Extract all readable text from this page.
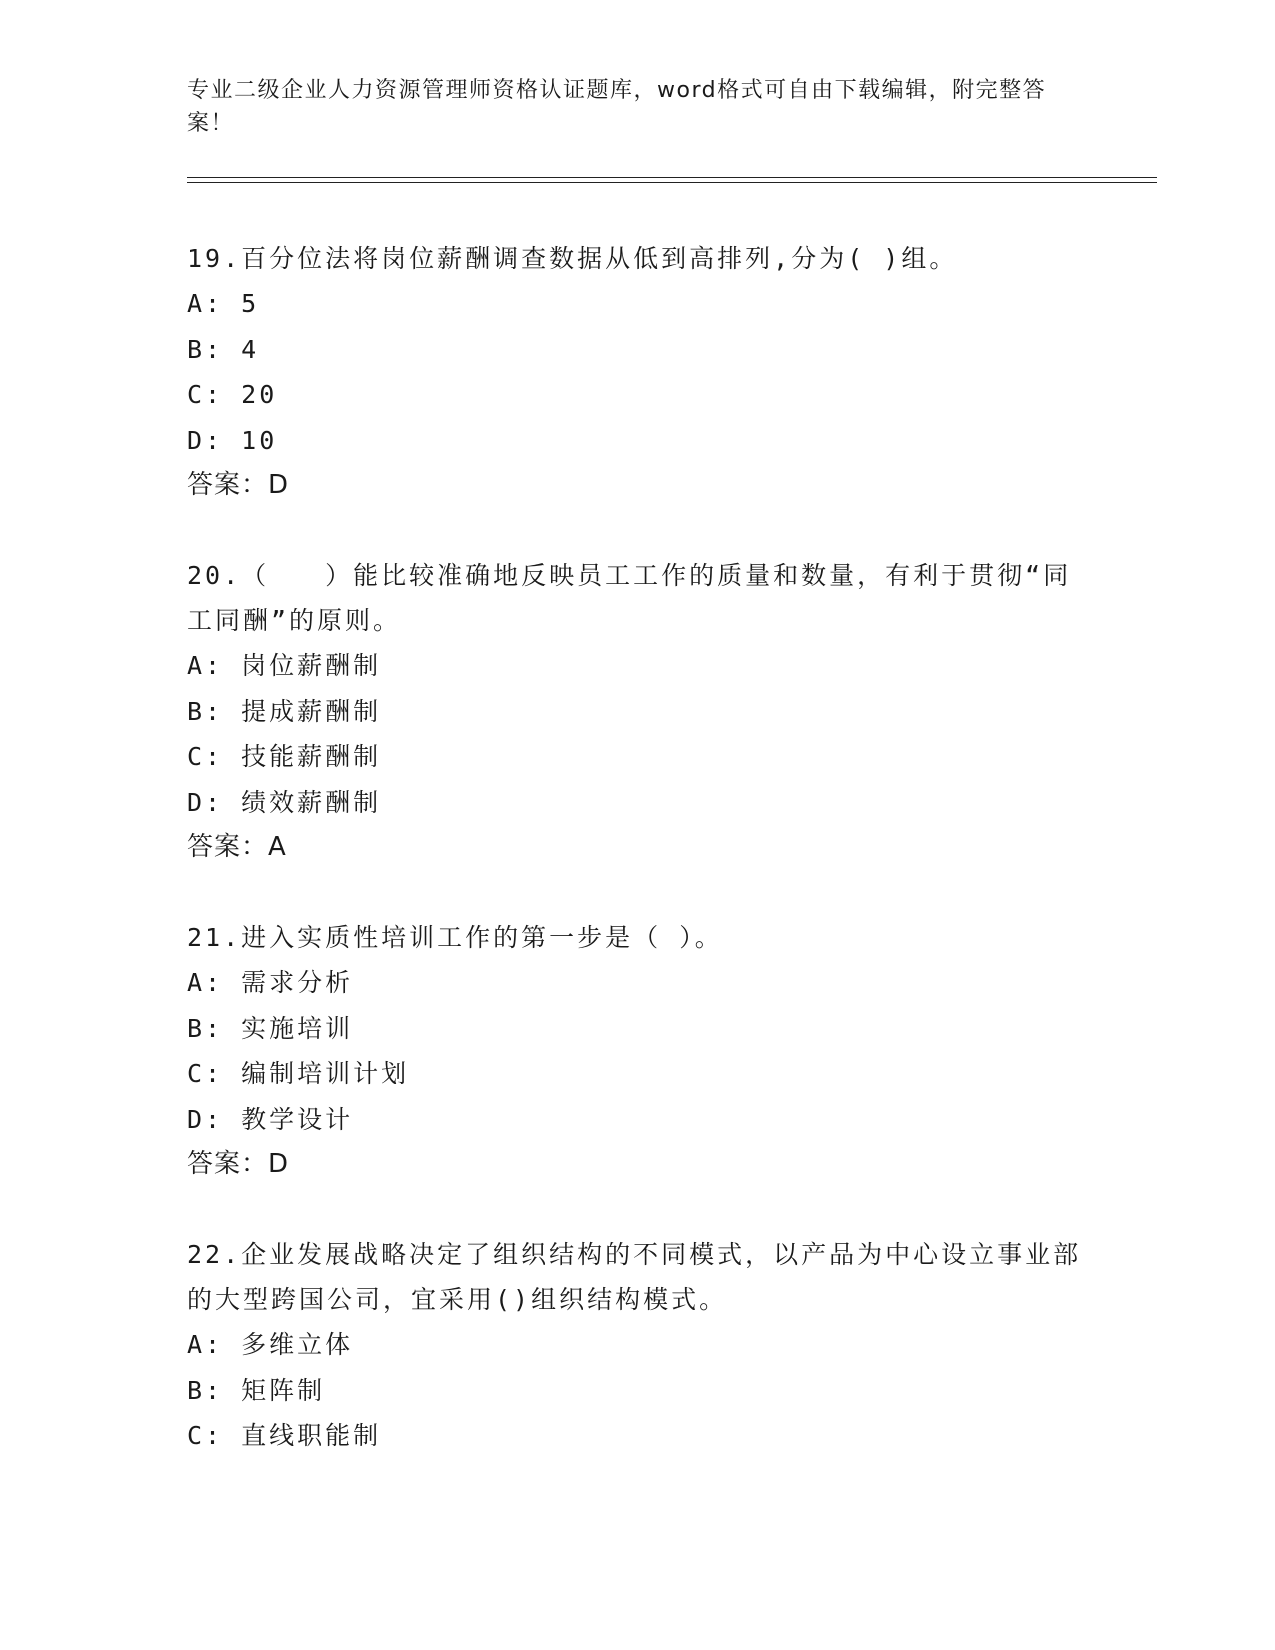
专业二级企业人力资源管理师资格认证题库，word格式可自由下载编辑，附完整答案！

19.百分位法将岗位薪酬调查数据从低到高排列,分为( )组。

A: 5

B: 4

C: 20

D: 10

答案：D

20.（　　）能比较准确地反映员工工作的质量和数量，有利于贯彻“同工同酬”的原则。

A: 岗位薪酬制

B: 提成薪酬制

C: 技能薪酬制

D: 绩效薪酬制

答案：A

21.进入实质性培训工作的第一步是（ ）。

A: 需求分析

B: 实施培训

C: 编制培训计划

D: 教学设计

答案：D

22.企业发展战略决定了组织结构的不同模式，以产品为中心设立事业部的大型跨国公司，宜采用()组织结构模式。

A: 多维立体

B: 矩阵制

C: 直线职能制
